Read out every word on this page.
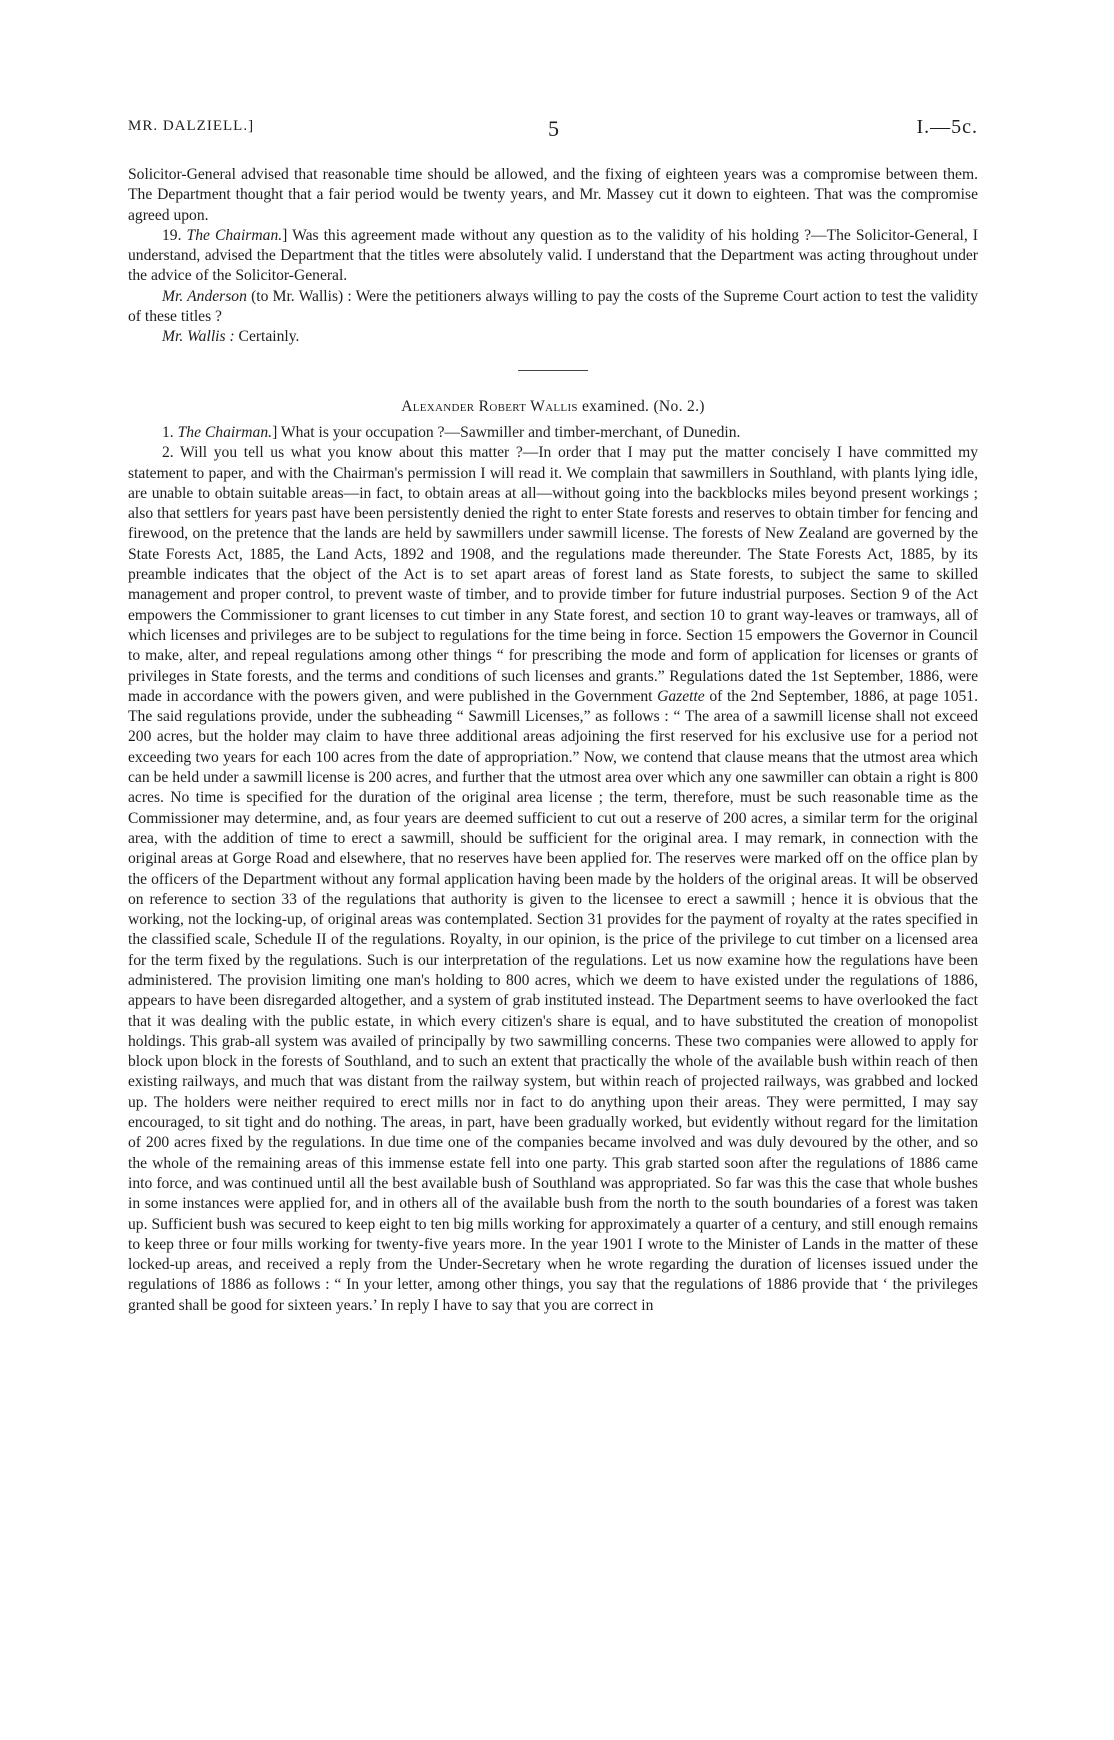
MR. DALZIELL.]	5	I.—5c.

Solicitor-General advised that reasonable time should be allowed, and the fixing of eighteen years was a compromise between them. The Department thought that a fair period would be twenty years, and Mr. Massey cut it down to eighteen. That was the compromise agreed upon.

19. The Chairman.] Was this agreement made without any question as to the validity of his holding ?—The Solicitor-General, I understand, advised the Department that the titles were absolutely valid. I understand that the Department was acting throughout under the advice of the Solicitor-General.

Mr. Anderson (to Mr. Wallis) : Were the petitioners always willing to pay the costs of the Supreme Court action to test the validity of these titles ?

Mr. Wallis : Certainly.

Alexander Robert Wallis examined. (No. 2.)

1. The Chairman.] What is your occupation ?—Sawmiller and timber-merchant, of Dunedin.

2. Will you tell us what you know about this matter ?—In order that I may put the matter concisely I have committed my statement to paper, and with the Chairman's permission I will read it. We complain that sawmillers in Southland, with plants lying idle, are unable to obtain suitable areas—in fact, to obtain areas at all—without going into the backblocks miles beyond present workings ; also that settlers for years past have been persistently denied the right to enter State forests and reserves to obtain timber for fencing and firewood, on the pretence that the lands are held by sawmillers under sawmill license. The forests of New Zealand are governed by the State Forests Act, 1885, the Land Acts, 1892 and 1908, and the regulations made thereunder. The State Forests Act, 1885, by its preamble indicates that the object of the Act is to set apart areas of forest land as State forests, to subject the same to skilled management and proper control, to prevent waste of timber, and to provide timber for future industrial purposes. Section 9 of the Act empowers the Commissioner to grant licenses to cut timber in any State forest, and section 10 to grant way-leaves or tramways, all of which licenses and privileges are to be subject to regulations for the time being in force. Section 15 empowers the Governor in Council to make, alter, and repeal regulations among other things “ for prescribing the mode and form of application for licenses or grants of privileges in State forests, and the terms and conditions of such licenses and grants.” Regulations dated the 1st September, 1886, were made in accordance with the powers given, and were published in the Government Gazette of the 2nd September, 1886, at page 1051. The said regulations provide, under the subheading “ Sawmill Licenses,” as follows : “ The area of a sawmill license shall not exceed 200 acres, but the holder may claim to have three additional areas adjoining the first reserved for his exclusive use for a period not exceeding two years for each 100 acres from the date of appropriation.” Now, we contend that clause means that the utmost area which can be held under a sawmill license is 200 acres, and further that the utmost area over which any one sawmiller can obtain a right is 800 acres. No time is specified for the duration of the original area license ; the term, therefore, must be such reasonable time as the Commissioner may determine, and, as four years are deemed sufficient to cut out a reserve of 200 acres, a similar term for the original area, with the addition of time to erect a sawmill, should be sufficient for the original area. I may remark, in connection with the original areas at Gorge Road and elsewhere, that no reserves have been applied for. The reserves were marked off on the office plan by the officers of the Department without any formal application having been made by the holders of the original areas. It will be observed on reference to section 33 of the regulations that authority is given to the licensee to erect a sawmill ; hence it is obvious that the working, not the locking-up, of original areas was contemplated. Section 31 provides for the payment of royalty at the rates specified in the classified scale, Schedule II of the regulations. Royalty, in our opinion, is the price of the privilege to cut timber on a licensed area for the term fixed by the regulations. Such is our interpretation of the regulations. Let us now examine how the regulations have been administered. The provision limiting one man's holding to 800 acres, which we deem to have existed under the regulations of 1886, appears to have been disregarded altogether, and a system of grab instituted instead. The Department seems to have overlooked the fact that it was dealing with the public estate, in which every citizen's share is equal, and to have substituted the creation of monopolist holdings. This grab-all system was availed of principally by two sawmilling concerns. These two companies were allowed to apply for block upon block in the forests of Southland, and to such an extent that practically the whole of the available bush within reach of then existing railways, and much that was distant from the railway system, but within reach of projected railways, was grabbed and locked up. The holders were neither required to erect mills nor in fact to do anything upon their areas. They were permitted, I may say encouraged, to sit tight and do nothing. The areas, in part, have been gradually worked, but evidently without regard for the limitation of 200 acres fixed by the regulations. In due time one of the companies became involved and was duly devoured by the other, and so the whole of the remaining areas of this immense estate fell into one party. This grab started soon after the regulations of 1886 came into force, and was continued until all the best available bush of Southland was appropriated. So far was this the case that whole bushes in some instances were applied for, and in others all of the available bush from the north to the south boundaries of a forest was taken up. Sufficient bush was secured to keep eight to ten big mills working for approximately a quarter of a century, and still enough remains to keep three or four mills working for twenty-five years more. In the year 1901 I wrote to the Minister of Lands in the matter of these locked-up areas, and received a reply from the Under-Secretary when he wrote regarding the duration of licenses issued under the regulations of 1886 as follows : “ In your letter, among other things, you say that the regulations of 1886 provide that ‘ the privileges granted shall be good for sixteen years.’ In reply I have to say that you are correct in
